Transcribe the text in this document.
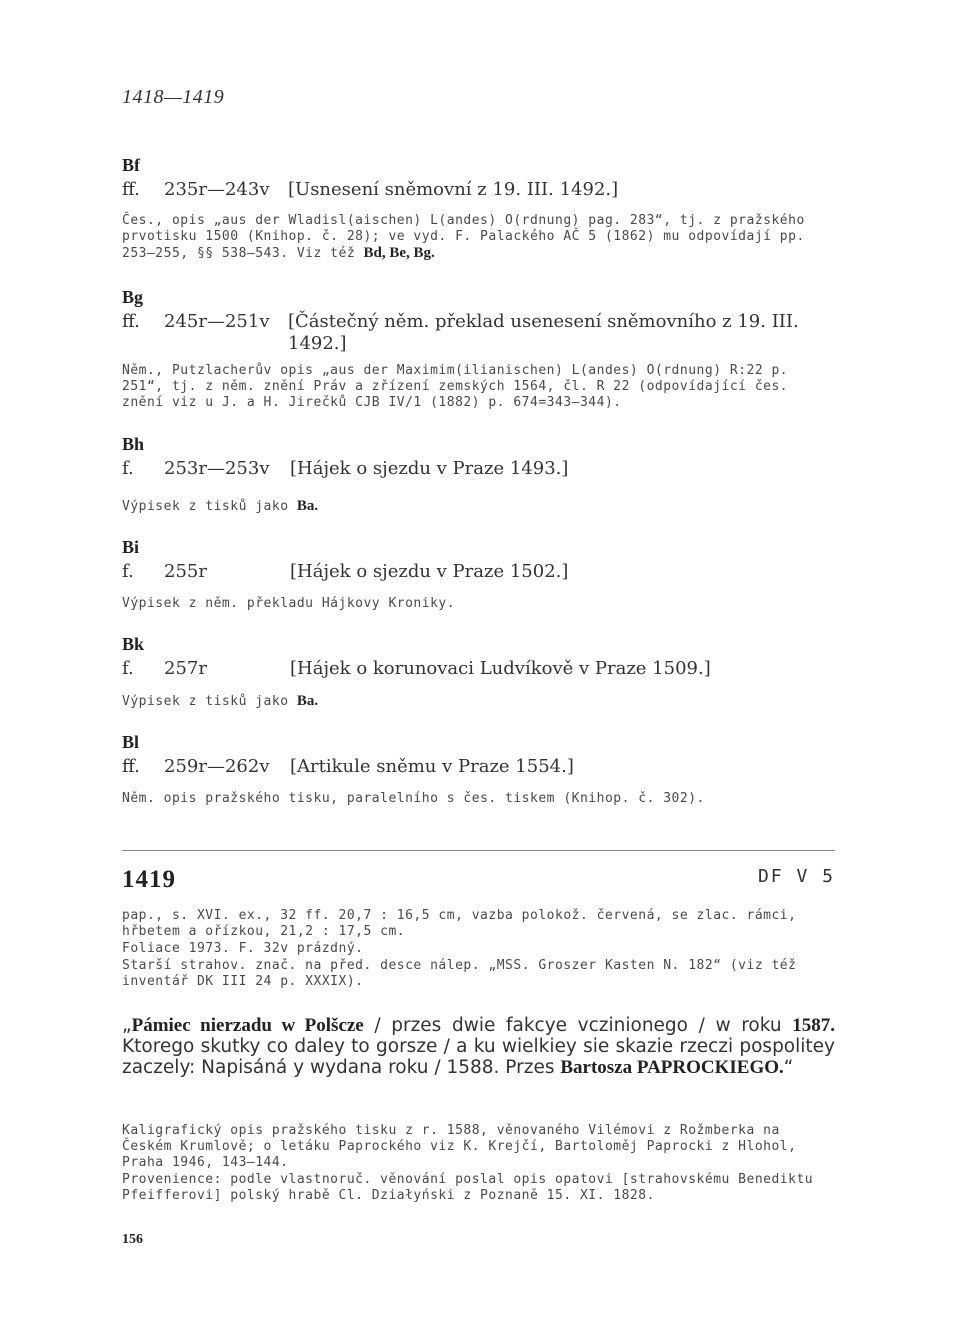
1418—1419
Bf
ff. 235r—243v [Usnesení sněmovní z 19. III. 1492.]
Čes., opis „aus der Wladisl(aischen) L(andes) O(rdnung) pag. 283“, tj. z pražského prvotisku 1500 (Knihop. č. 28); ve vyd. F. Palackého AČ 5 (1862) mu odpovídají pp. 253—255, §§ 538—543. Viz též Bd, Be, Bg.
Bg
ff. 245r—251v [Částečný něm. překlad usenesení sněmovního z 19. III.
1492.]
Něm., Putzlacherův opis „aus der Maximim(ilianischen) L(andes) O(rdnung) R:22 p. 251“, tj. z něm. znění Práv a zřízení zemských 1564, čl. R 22 (odpovídající čes. znění viz u J. a H. Jirečků CJB IV/1 (1882) p. 674=343—344).
Bh
f. 253r—253v [Hájek o sjezdu v Praze 1493.]
Výpisek z tisků jako Ba.
Bi
f. 255r	[Hájek o sjezdu v Praze 1502.]
Výpisek z něm. překladu Hájkovy Kroniky.
Bk
f. 257r	[Hájek o korunovaci Ludvíkově v Praze 1509.]
Výpisek z tisků jako Ba.
Bl
ff. 259r—262v [Artikule sněmu v Praze 1554.]
Něm. opis pražského tisku, paralelního s čes. tiskem (Knihop. č. 302).
1419	DF V 5
pap., s. XVI. ex., 32 ff. 20,7 : 16,5 cm, vazba polokož. červená, se zlac. rámci, hřbetem a ořízkou, 21,2 : 17,5 cm.
Foliace 1973. F. 32v prázdný.
Starší strahov. znač. na před. desce nálep. „MSS. Groszer Kasten N. 182“ (viz též inventář DK III 24 p. XXXIX).
„Pámiec nierzadu w Polšcze / przes dwie fakcye vczinionego / w roku 1587. Ktorego skutky co daley to gorsze / a ku wielkiey sie skazie rzeczi pospolitey zaczely: Napisáná y wydana roku / 1588. Przes Bartosza PAPROCKIEGO.“
Kaligrafický opis pražského tisku z r. 1588, věnovaného Vilémovi z Rožmberka na Českém Krumlově; o letáku Paprockého viz K. Krejčí, Bartoloměj Paprocki z Hlohol, Praha 1946, 143—144.
Provenience: podle vlastnoruč. věnování poslal opis opatovi [strahovskému Benediktu Pfeifferovi] polský hrabě Cl. Działyński z Poznaně 15. XI. 1828.
156
